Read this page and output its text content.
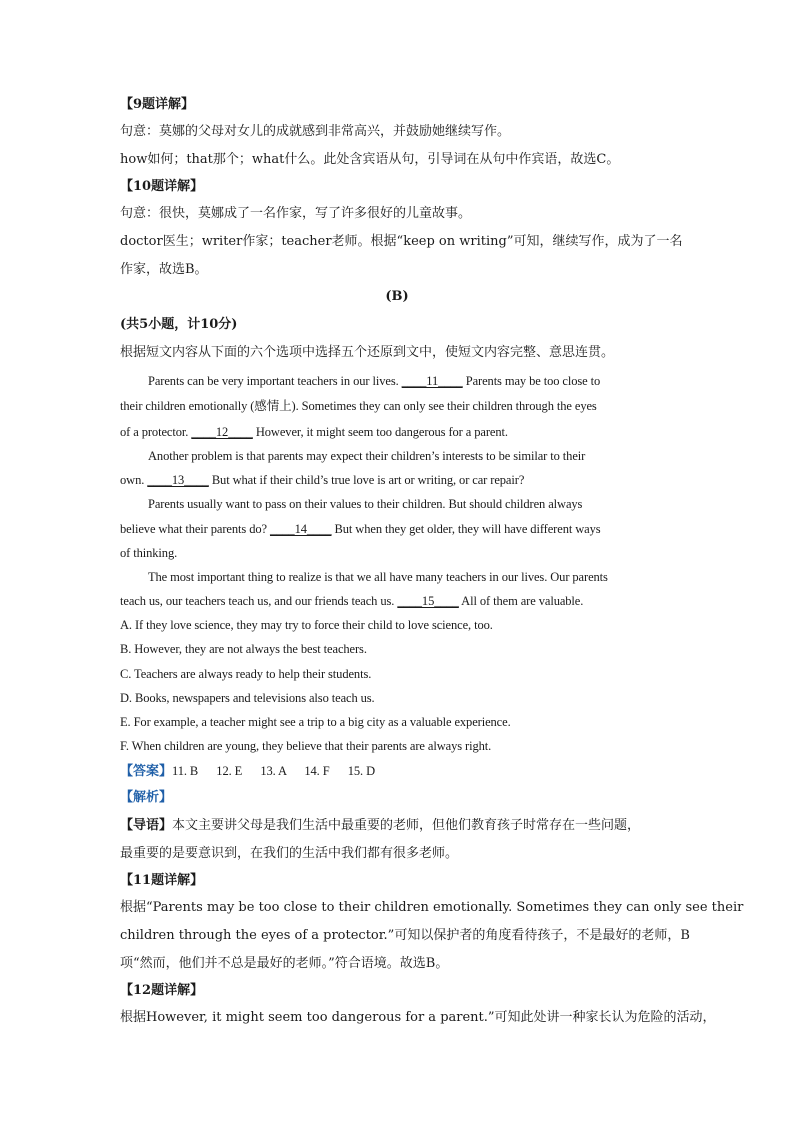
【9题详解】
句意：莫娜的父母对女儿的成就感到非常高兴，并鼓励她继续写作。
how如何；that那个；what什么。此处含宾语从句，引导词在从句中作宾语，故选C。
【10题详解】
句意：很快，莫娜成了一名作家，写了许多很好的儿童故事。
doctor医生；writer作家；teacher老师。根据“keep on writing”可知，继续写作，成为了一名
作家，故选B。
(B)
(共5小题，计10分)
根据短文内容从下面的六个选项中选择五个还原到文中，使短文内容完整、意思连贯。
Parents can be very important teachers in our lives. ____11____ Parents may be too close to
their children emotionally (感情上). Sometimes they can only see their children through the eyes
of a protector. ____12____ However, it might seem too dangerous for a parent.
Another problem is that parents may expect their children’s interests to be similar to their
own. ____13____ But what if their child’s true love is art or writing, or car repair?
Parents usually want to pass on their values to their children. But should children always
believe what their parents do? ____14____ But when they get older, they will have different ways
of thinking.
The most important thing to realize is that we all have many teachers in our lives. Our parents
teach us, our teachers teach us, and our friends teach us. ____15____ All of them are valuable.
A. If they love science, they may try to force their child to love science, too.
B. However, they are not always the best teachers.
C. Teachers are always ready to help their students.
D. Books, newspapers and televisions also teach us.
E. For example, a teacher might see a trip to a big city as a valuable experience.
F. When children are young, they believe that their parents are always right.
【答案】11. B      12. E      13. A      14. F      15. D
【解析】
【导语】本文主要讲父母是我们生活中最重要的老师，但他们教育孩子时常存在一些问题，
最重要的是要意识到，在我们的生活中我们都有很多老师。
【11题详解】
根据“Parents may be too close to their children emotionally. Sometimes they can only see their
children through the eyes of a protector.”可知以保护者的角度看待孩子，不是最好的老师，B
项“然而，他们并不总是最好的老师。”符合语境。故选B。
【12题详解】
根据However, it might seem too dangerous for a parent.”可知此处讲一种家长认为危险的活动，
